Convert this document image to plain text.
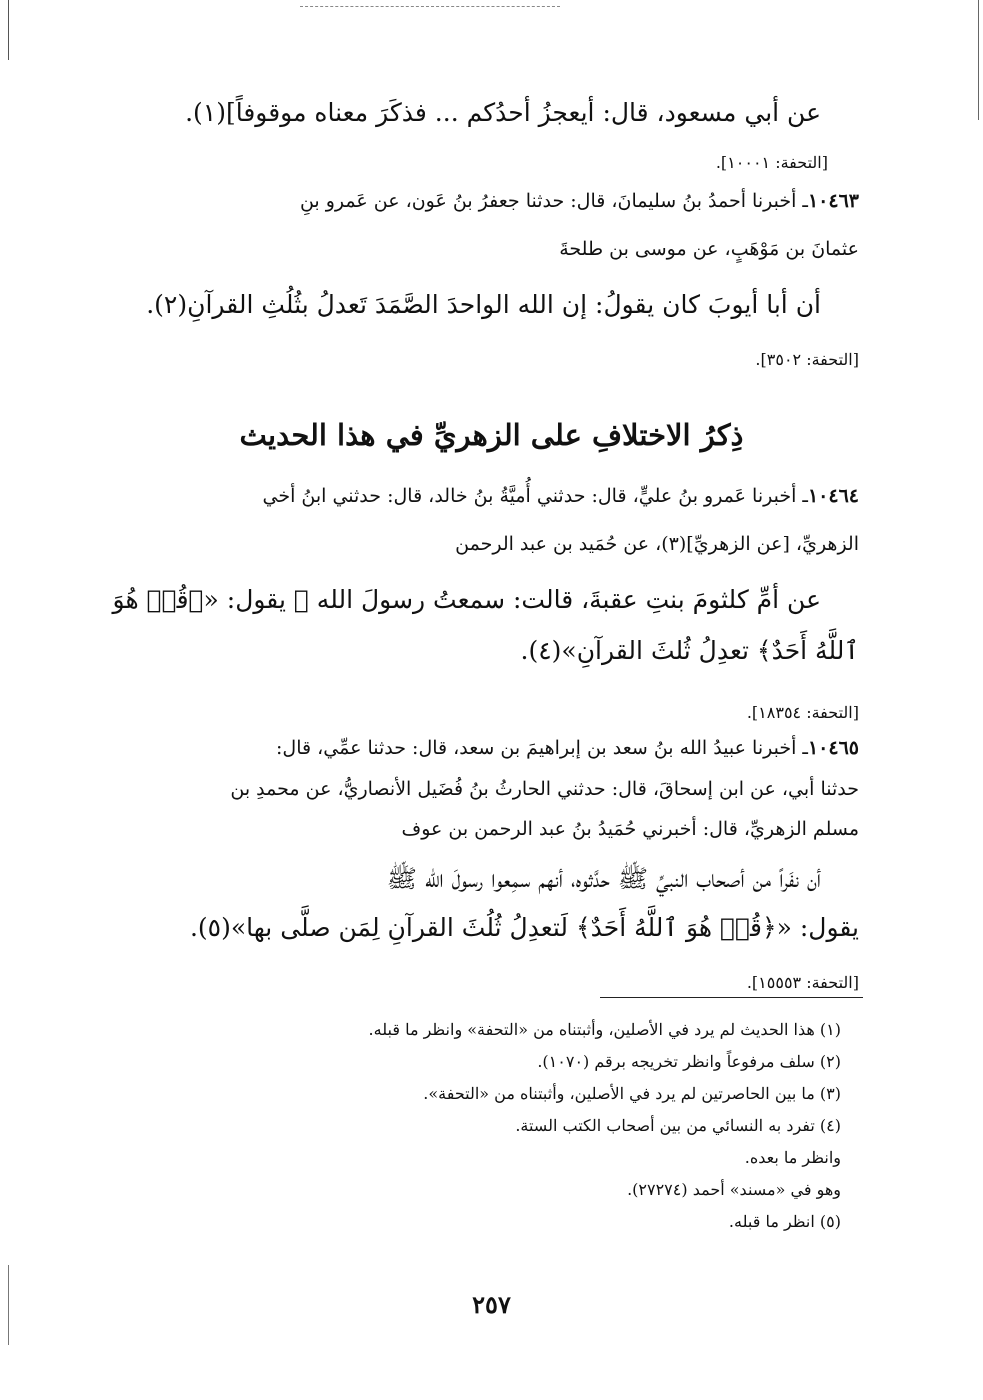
عن أبي مسعود، قال: أيعجزُ أحدُكم ... فذكَرَ معناه موقوفاً](١).
[التحفة: ١٠٠٠١].
١٠٤٦٣ـ أخبرنا أحمدُ بنُ سليمانَ، قال: حدثنا جعفرُ بنُ عَون، عن عَمرو بنِ
عثمانَ بن مَوْهَبٍ، عن موسى بن طلحةَ
أن أبا أيوبَ كان يقولُ: إن الله الواحدَ الصَّمَدَ تَعدلُ بثُلُثِ القرآنِ(٢).
[التحفة: ٣٥٠٢].
ذِكرُ الاختلافِ على الزهريِّ في هذا الحديث
١٠٤٦٤ـ أخبرنا عَمرو بنُ عليٍّ، قال: حدثني أُميَّةُ بنُ خالد، قال: حدثني ابنُ أخي
الزهريِّ، [عن الزهريِّ](٣)، عن حُمَيد بن عبد الرحمن
عن أمِّ كلثومَ بنتِ عقبةَ، قالت: سمعتُ رسولَ الله ﷺ يقول: «﴿قُلۡ هُوَ
ٱللَّهُ أَحَدٌ﴾ تعدِلُ ثُلثَ القرآنِ»(٤).
[التحفة: ١٨٣٥٤].
١٠٤٦٥ـ أخبرنا عبيدُ الله بنُ سعد بن إبراهيمَ بن سعد، قال: حدثنا عمِّي، قال:
حدثنا أبي، عن ابن إسحاقَ، قال: حدثني الحارثُ بنُ فُضَيل الأنصاريُّ، عن محمدِ بن
مسلم الزهريِّ، قال: أخبرني حُمَيدُ بنُ عبد الرحمن بن عوف
أن نفَراً من أصحاب النبيِّ ﷺ حدَّثوه، أنهم سمِعوا رسولَ الله ﷺ
يقول: «﴿قُلۡ هُوَ ٱللَّهُ أَحَدٌ﴾ لَتعدِلُ ثُلُثَ القرآنِ لِمَن صلَّى بها»(٥).
[التحفة: ١٥٥٥٣].
(١) هذا الحديث لم يرد في الأصلين، وأثبتناه من «التحفة» وانظر ما قبله.
(٢) سلف مرفوعاً وانظر تخريجه برقم (١٠٧٠).
(٣) ما بين الحاصرتين لم يرد في الأصلين، وأثبتناه من «التحفة».
(٤) تفرد به النسائي من بين أصحاب الكتب الستة.
وانظر ما بعده.
وهو في «مسند» أحمد (٢٧٢٧٤).
(٥) انظر ما قبله.
٢٥٧
